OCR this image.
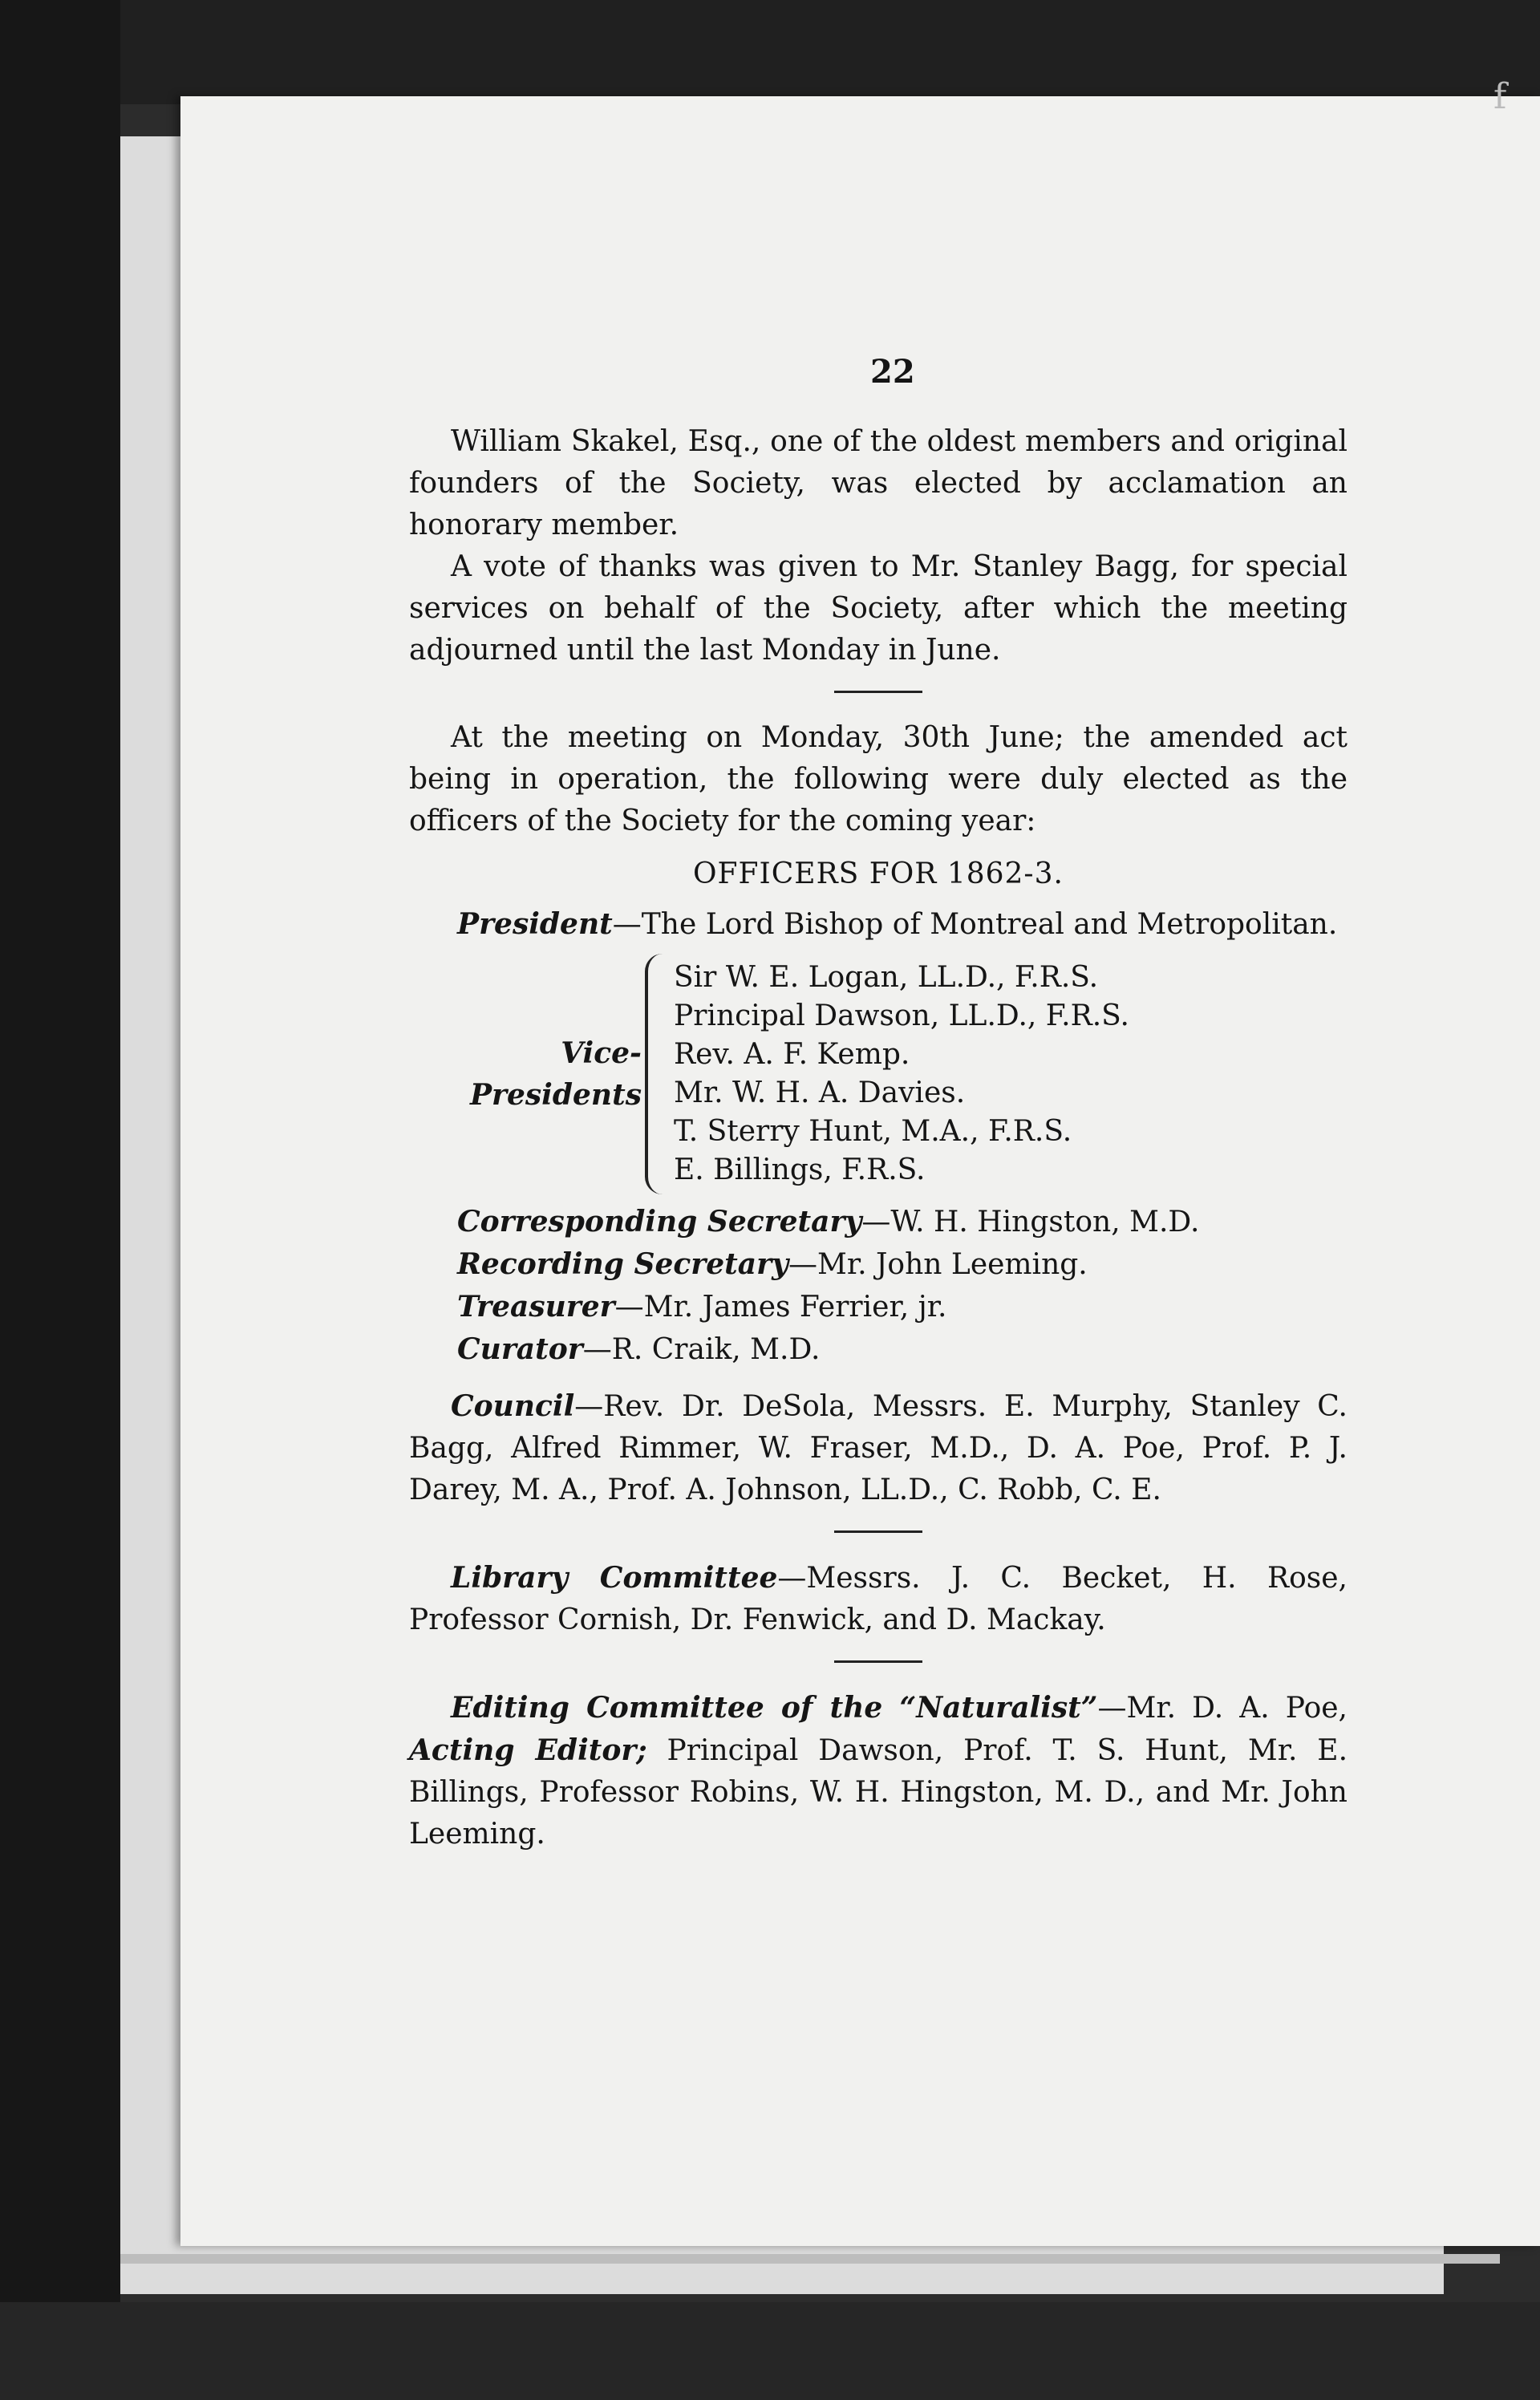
f
22

William Skakel, Esq., one of the oldest members and original founders of the Society, was elected by acclamation an honorary member.

A vote of thanks was given to Mr. Stanley Bagg, for special services on behalf of the Society, after which the meeting adjourned until the last Monday in June.

At the meeting on Monday, 30th June; the amended act being in operation, the following were duly elected as the officers of the Society for the coming year:

OFFICERS FOR 1862-3.

President—The Lord Bishop of Montreal and Metropolitan.

Vice-Presidents
Sir W. E. Logan, LL.D., F.R.S.
Principal Dawson, LL.D., F.R.S.
Rev. A. F. Kemp.
Mr. W. H. A. Davies.
T. Sterry Hunt, M.A., F.R.S.
E. Billings, F.R.S.

Corresponding Secretary—W. H. Hingston, M.D.

Recording Secretary—Mr. John Leeming.

Treasurer—Mr. James Ferrier, jr.

Curator—R. Craik, M.D.

Council—Rev. Dr. DeSola, Messrs. E. Murphy, Stanley C. Bagg, Alfred Rimmer, W. Fraser, M.D., D. A. Poe, Prof. P. J. Darey, M. A., Prof. A. Johnson, LL.D., C. Robb, C. E.

Library Committee—Messrs. J. C. Becket, H. Rose, Professor Cornish, Dr. Fenwick, and D. Mackay.

Editing Committee of the “Naturalist”—Mr. D. A. Poe, Acting Editor; Principal Dawson, Prof. T. S. Hunt, Mr. E. Billings, Professor Robins, W. H. Hingston, M. D., and Mr. John Leeming.
